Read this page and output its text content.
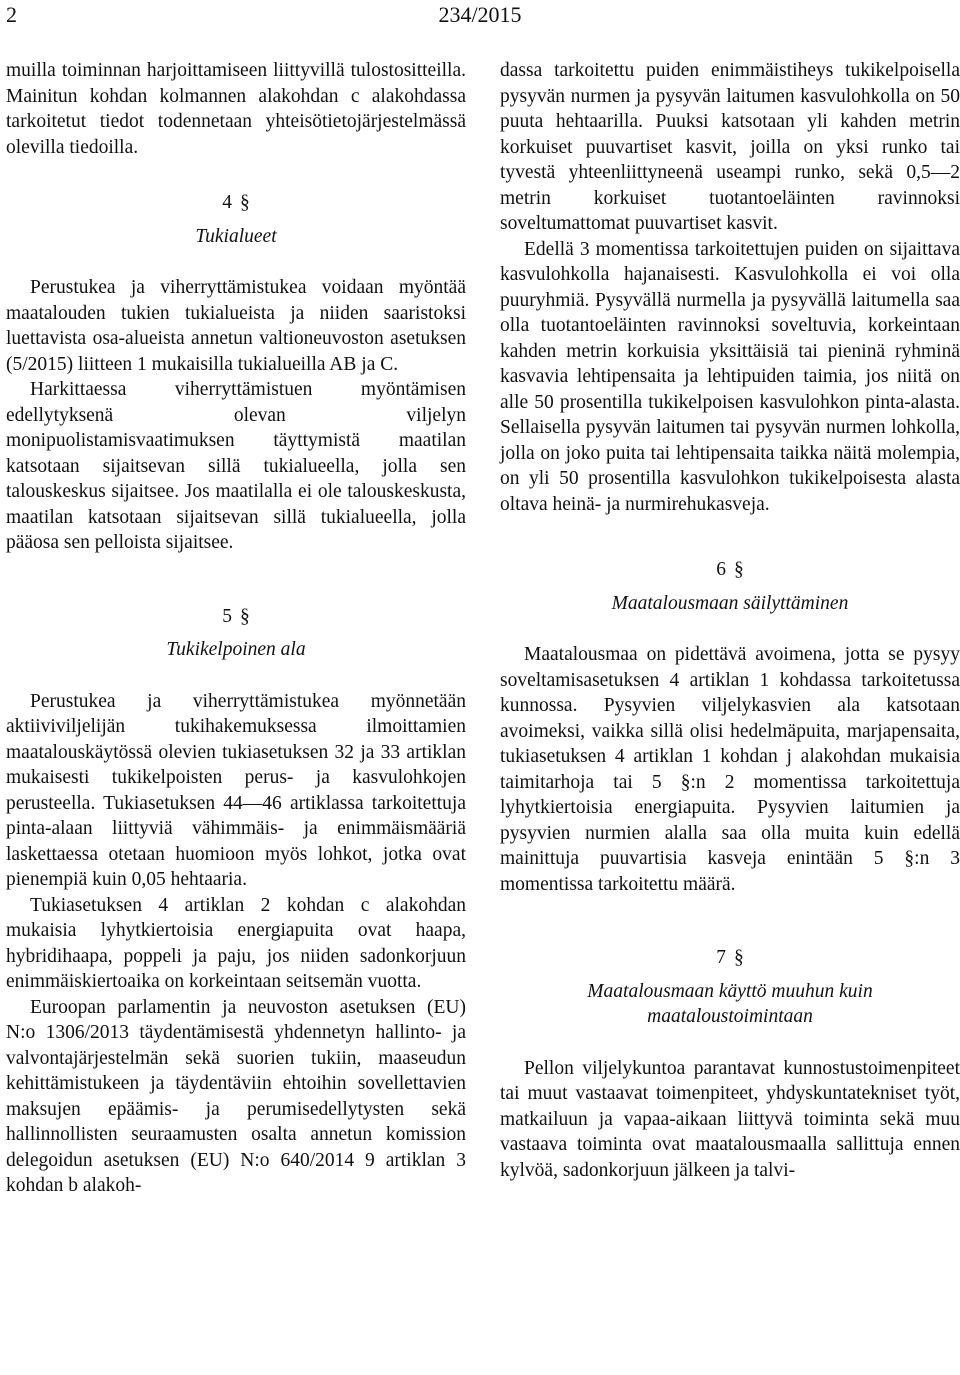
2	234/2015

muilla toiminnan harjoittamiseen liittyvillä tulostositteilla. Mainitun kohdan kolmannen alakohdan c alakohdassa tarkoitetut tiedot todennetaan yhteisötietojärjestelmässä olevilla tiedoilla.

4 §
Tukialueet

Perustukea ja viherryttämistukea voidaan myöntää maatalouden tukien tukialueista ja niiden saaristoksi luettavista osa-alueista annetun valtioneuvoston asetuksen (5/2015) liitteen 1 mukaisilla tukialueilla AB ja C.

Harkittaessa viherryttämistuen myöntämisen edellytyksenä olevan viljelyn monipuolistamisvaatimuksen täyttymistä maatilan katsotaan sijaitsevan sillä tukialueella, jolla sen talouskeskus sijaitsee. Jos maatilalla ei ole talouskeskusta, maatilan katsotaan sijaitsevan sillä tukialueella, jolla pääosa sen pelloista sijaitsee.

5 §
Tukikelpoinen ala

Perustukea ja viherryttämistukea myönnetään aktiiviviljelijän tukihakemuksessa ilmoittamien maatalouskäytössä olevien tukiasetuksen 32 ja 33 artiklan mukaisesti tukikelpoisten perus- ja kasvulohkojen perusteella. Tukiasetuksen 44—46 artiklassa tarkoitettuja pinta-alaan liittyviä vähimmäis- ja enimmäismääriä laskettaessa otetaan huomioon myös lohkot, jotka ovat pienempiä kuin 0,05 hehtaaria.

Tukiasetuksen 4 artiklan 2 kohdan c alakohdan mukaisia lyhytkiertoisia energiapuita ovat haapa, hybridihaapa, poppeli ja paju, jos niiden sadonkorjuun enimmäiskiertoaika on korkeintaan seitsemän vuotta.

Euroopan parlamentin ja neuvoston asetuksen (EU) N:o 1306/2013 täydentämisestä yhdennetyn hallinto- ja valvontajärjestelmän sekä suorien tukiin, maaseudun kehittämistukeen ja täydentäviin ehtoihin sovellettavien maksujen epäämis- ja perumisedellytysten sekä hallinnollisten seuraamusten osalta annetun komission delegoidun asetuksen (EU) N:o 640/2014 9 artiklan 3 kohdan b alakoh-

dassa tarkoitettu puiden enimmäistiheys tukikelpoisella pysyvän nurmen ja pysyvän laitumen kasvulohkolla on 50 puuta hehtaarilla. Puuksi katsotaan yli kahden metrin korkuiset puuvartiset kasvit, joilla on yksi runko tai tyvestä yhteenliittyneenä useampi runko, sekä 0,5—2 metrin korkuiset tuotantoeläinten ravinnoksi soveltumattomat puuvartiset kasvit.

Edellä 3 momentissa tarkoitettujen puiden on sijaittava kasvulohkolla hajanaisesti. Kasvulohkolla ei voi olla puuryhmiä. Pysyvällä nurmella ja pysyvällä laitumella saa olla tuotantoeläinten ravinnoksi soveltuvia, korkeintaan kahden metrin korkuisia yksittäisiä tai pieninä ryhminä kasvavia lehtipensaita ja lehtipuiden taimia, jos niitä on alle 50 prosentilla tukikelpoisen kasvulohkon pinta-alasta. Sellaisella pysyvän laitumen tai pysyvän nurmen lohkolla, jolla on joko puita tai lehtipensaita taikka näitä molempia, on yli 50 prosentilla kasvulohkon tukikelpoisesta alasta oltava heinä- ja nurmirehukasveja.

6 §
Maatalousmaan säilyttäminen

Maatalousmaa on pidettävä avoimena, jotta se pysyy soveltamisasetuksen 4 artiklan 1 kohdassa tarkoitetussa kunnossa. Pysyvien viljelykasvien ala katsotaan avoimeksi, vaikka sillä olisi hedelmäpuita, marjapensaita, tukiasetuksen 4 artiklan 1 kohdan j alakohdan mukaisia taimitarhoja tai 5 §:n 2 momentissa tarkoitettuja lyhytkiertoisia energiapuita. Pysyvien laitumien ja pysyvien nurmien alalla saa olla muita kuin edellä mainittuja puuvartisia kasveja enintään 5 §:n 3 momentissa tarkoitettu määrä.

7 §
Maatalousmaan käyttö muuhun kuin
maataloustoimintaan

Pellon viljelykuntoa parantavat kunnostustoimenpiteet tai muut vastaavat toimenpiteet, yhdyskuntatekniset työt, matkailuun ja vapaa-aikaan liittyvä toiminta sekä muu vastaava toiminta ovat maatalousmaalla sallittuja ennen kylvöä, sadonkorjuun jälkeen ja talvi-
